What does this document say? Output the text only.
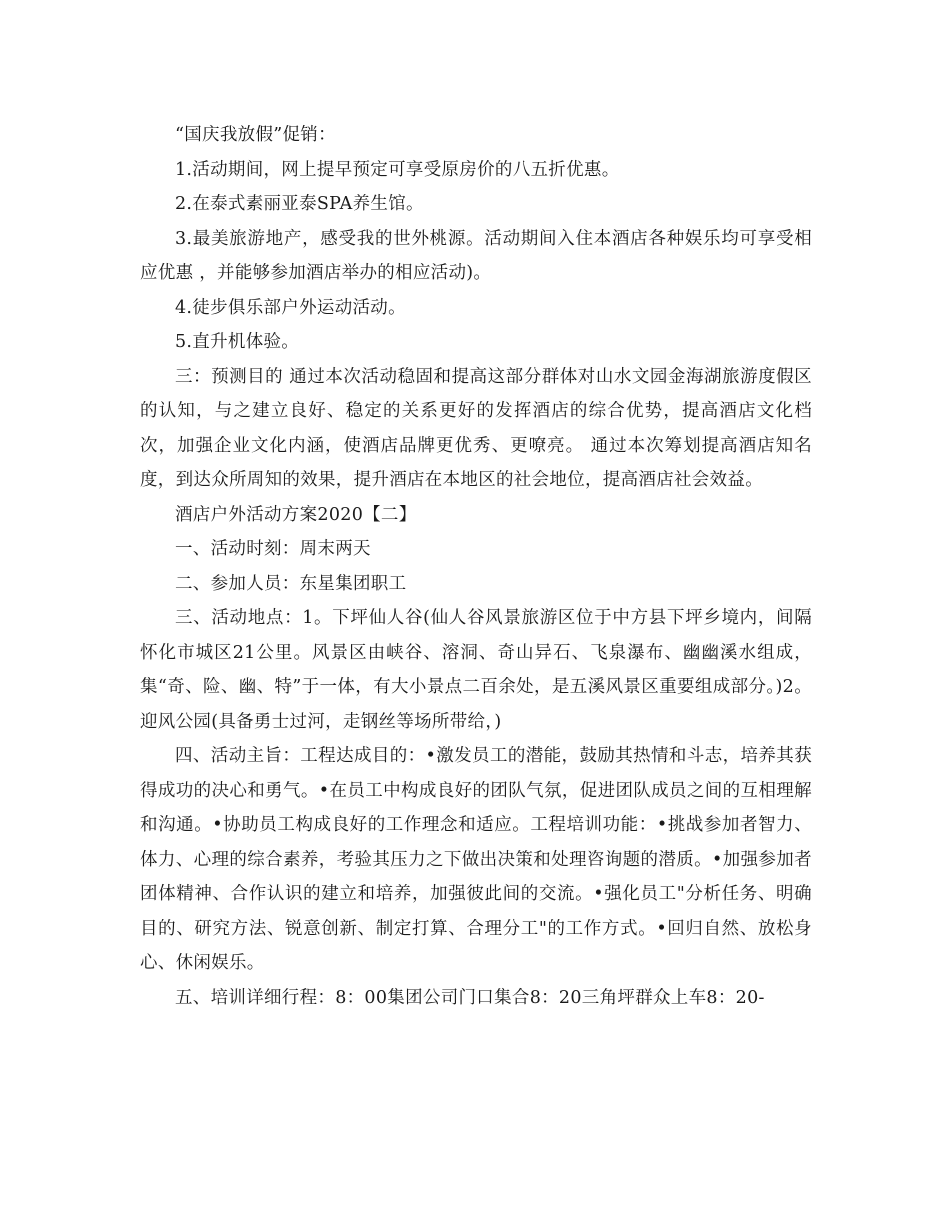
“国庆我放假”促销：

1.活动期间，网上提早预定可享受原房价的八五折优惠。

2.在泰式素丽亚泰SPA养生馆。

3.最美旅游地产，感受我的世外桃源。活动期间入住本酒店各种娱乐均可享受相应优惠 ，并能够参加酒店举办的相应活动)。

4.徒步俱乐部户外运动活动。

5.直升机体验。

三：预测目的 通过本次活动稳固和提高这部分群体对山水文园金海湖旅游度假区的认知，与之建立良好、稳定的关系更好的发挥酒店的综合优势，提高酒店文化档次，加强企业文化内涵，使酒店品牌更优秀、更嘹亮。 通过本次筹划提高酒店知名度，到达众所周知的效果，提升酒店在本地区的社会地位，提高酒店社会效益。

酒店户外活动方案2020【二】

一、活动时刻：周末两天

二、参加人员：东星集团职工

三、活动地点：1。下坪仙人谷(仙人谷风景旅游区位于中方县下坪乡境内，间隔怀化市城区21公里。风景区由峡谷、溶洞、奇山异石、飞泉瀑布、幽幽溪水组成，集“奇、险、幽、特”于一体，有大小景点二百余处，是五溪风景区重要组成部分。)2。迎风公园(具备勇士过河，走钢丝等场所带给，)

四、活动主旨：工程达成目的：•激发员工的潜能，鼓励其热情和斗志，培养其获得成功的决心和勇气。•在员工中构成良好的团队气氛，促进团队成员之间的互相理解和沟通。•协助员工构成良好的工作理念和适应。工程培训功能：•挑战参加者智力、体力、心理的综合素养，考验其压力之下做出决策和处理咨询题的潜质。•加强参加者团体精神、合作认识的建立和培养，加强彼此间的交流。•强化员工"分析任务、明确目的、研究方法、锐意创新、制定打算、合理分工"的工作方式。•回归自然、放松身心、休闲娱乐。

五、培训详细行程：8：00集团公司门口集合8：20三角坪群众上车8：20-
